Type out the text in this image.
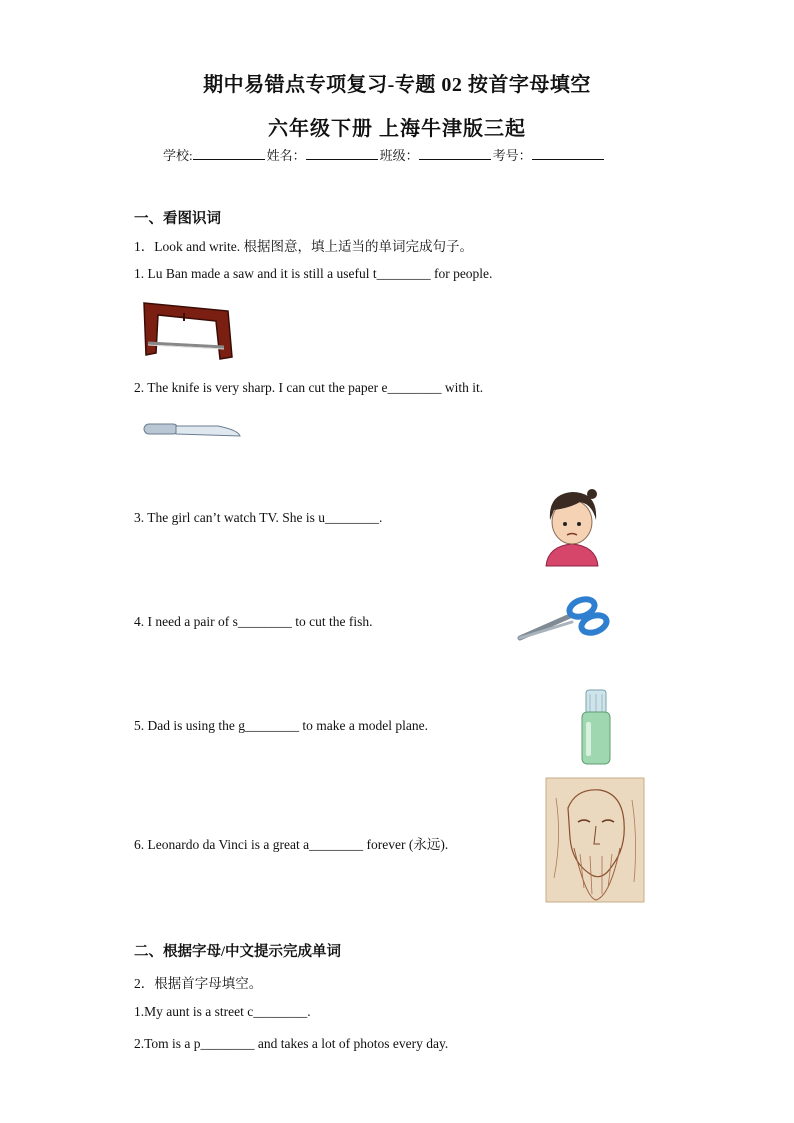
期中易错点专项复习-专题 02 按首字母填空
六年级下册 上海牛津版三起
学校:	姓名：	班级：	考号：
一、看图识词
1．Look and write. 根据图意，填上适当的单词完成句子。
1. Lu Ban made a saw and it is still a useful t________ for people.
2. The knife is very sharp. I can cut the paper e________ with it.
3. The girl can’t watch TV. She is u________.
4. I need a pair of s________ to cut the fish.
5. Dad is using the g________ to make a model plane.
6. Leonardo da Vinci is a great a________ forever (永远).
二、根据字母/中文提示完成单词
2．根据首字母填空。
1.My aunt is a street c________.
2.Tom is a p________ and takes a lot of photos every day.
